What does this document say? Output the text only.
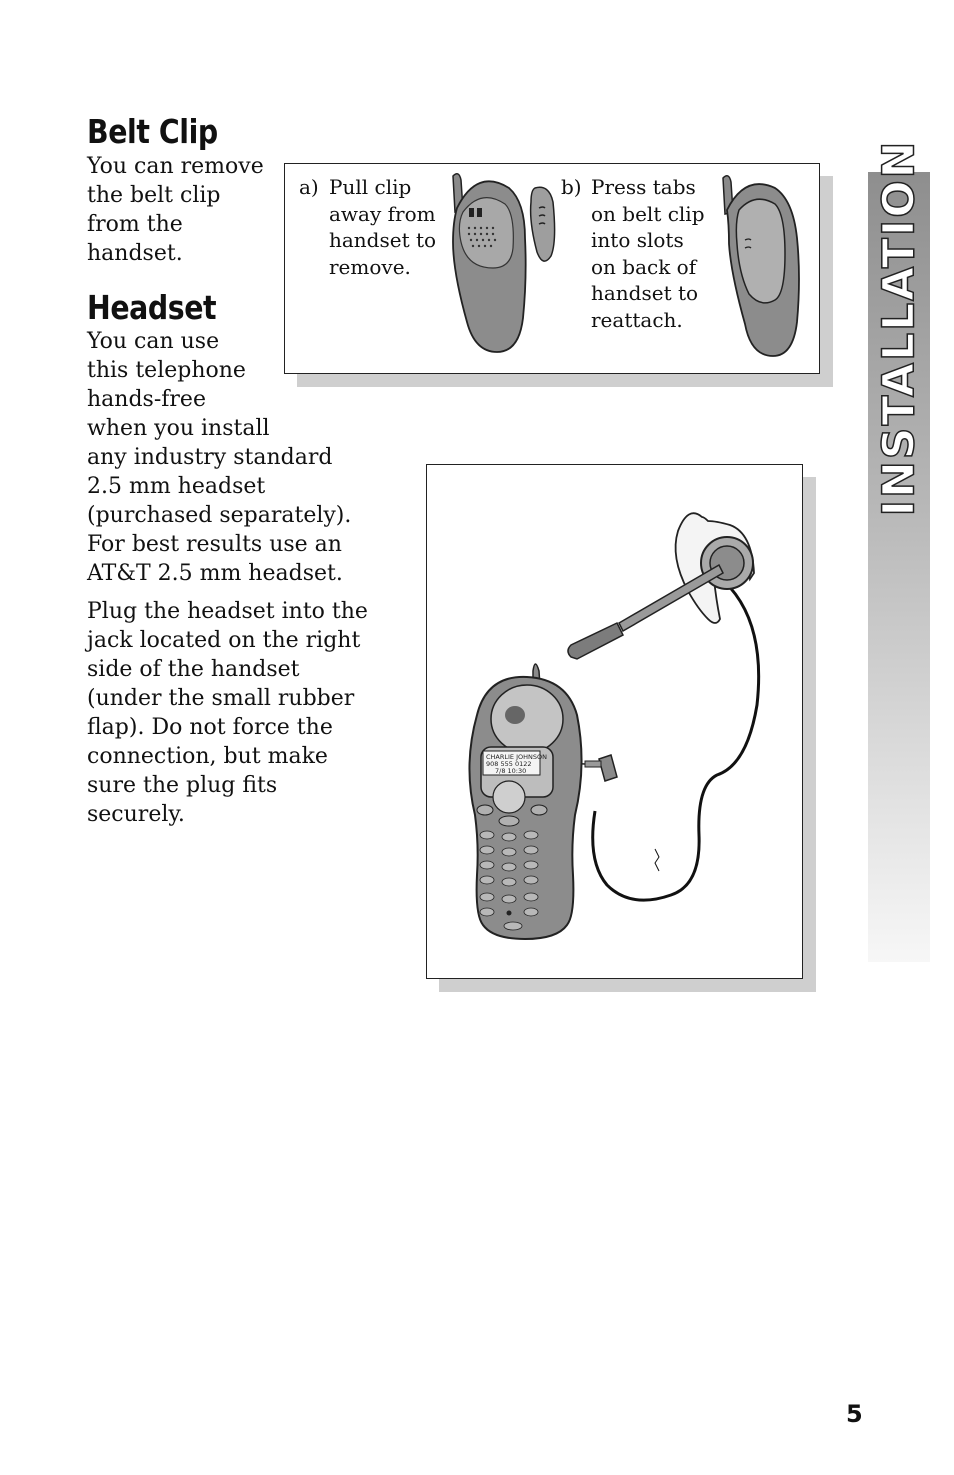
Belt Clip

You can remove
the belt clip
from the
handset.

Headset

You can use
this telephone
hands-free
when you install
any industry standard
2.5 mm headset
(purchased separately).
For best results use an
AT&T 2.5 mm headset.

Plug the headset into the
jack located on the right
side of the handset
(under the small rubber
flap). Do not force the
connection, but make
sure the plug fits
securely.

a) Pull clip
away from
handset to
remove.
b) Press tabs
on belt clip
into slots
on back of
handset to
reattach.
CHARLIE JOHNSON
908 555 0122
7/8 10:30
INSTALLATION
5
